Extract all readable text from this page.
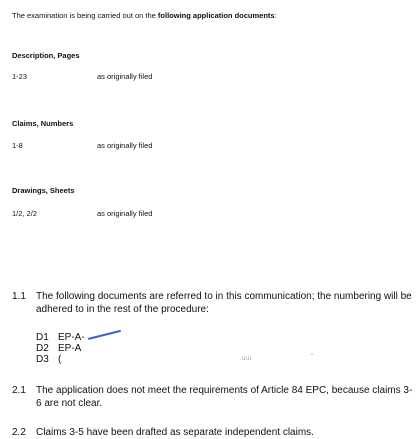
The examination is being carried out on the following application documents:
Description, Pages
1-23	as originally filed
Claims, Numbers
1-8	as originally filed
Drawings, Sheets
1/2, 2/2	as originally filed
1.1	The following documents are referred to in this communication; the numbering will be adhered to in the rest of the procedure:
D1 EP-A-
D2 EP-A
D3 (	.uui	"
2.1	The application does not meet the requirements of Article 84 EPC, because claims 3-6 are not clear.
2.2	Claims 3-5 have been drafted as separate independent claims.
